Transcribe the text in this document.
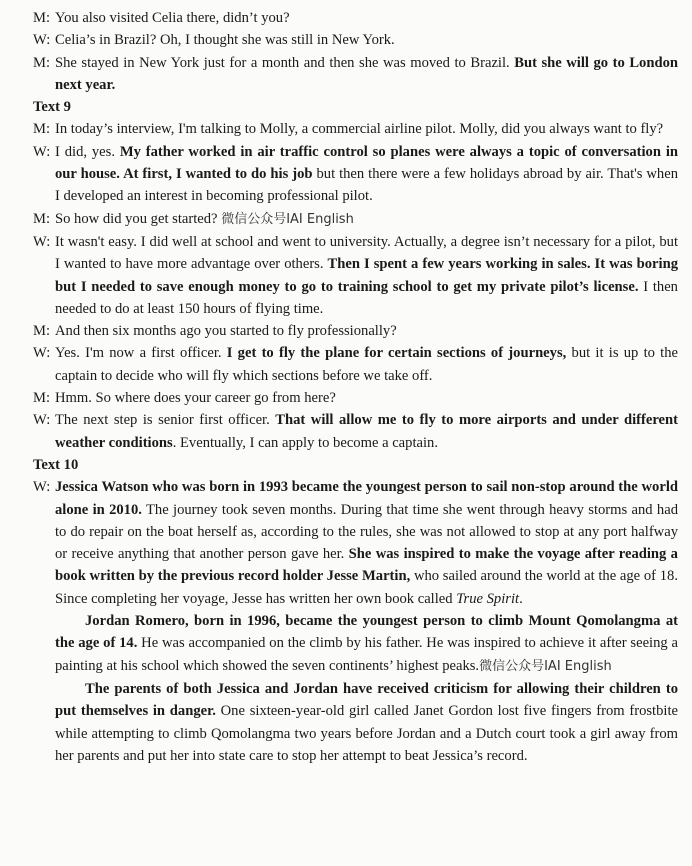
M: You also visited Celia there, didn’t you?
W: Celia’s in Brazil? Oh, I thought she was still in New York.
M: She stayed in New York just for a month and then she was moved to Brazil. But she will go to London next year.
Text 9
M: In today’s interview, I'm talking to Molly, a commercial airline pilot. Molly, did you always want to fly?
W: I did, yes. My father worked in air traffic control so planes were always a topic of conversation in our house. At first, I wanted to do his job but then there were a few holidays abroad by air. That's when I developed an interest in becoming professional pilot.
M: So how did you get started? 微信公众号IAI English
W: It wasn't easy. I did well at school and went to university. Actually, a degree isn’t necessary for a pilot, but I wanted to have more advantage over others. Then I spent a few years working in sales. It was boring but I needed to save enough money to go to training school to get my private pilot’s license. I then needed to do at least 150 hours of flying time.
M: And then six months ago you started to fly professionally?
W: Yes. I'm now a first officer. I get to fly the plane for certain sections of journeys, but it is up to the captain to decide who will fly which sections before we take off.
M: Hmm. So where does your career go from here?
W: The next step is senior first officer. That will allow me to fly to more airports and under different weather conditions. Eventually, I can apply to become a captain.
Text 10
W: Jessica Watson who was born in 1993 became the youngest person to sail non-stop around the world alone in 2010. The journey took seven months. During that time she went through heavy storms and had to do repair on the boat herself as, according to the rules, she was not allowed to stop at any port halfway or receive anything that another person gave her. She was inspired to make the voyage after reading a book written by the previous record holder Jesse Martin, who sailed around the world at the age of 18. Since completing her voyage, Jesse has written her own book called True Spirit.
Jordan Romero, born in 1996, became the youngest person to climb Mount Qomolangma at the age of 14. He was accompanied on the climb by his father. He was inspired to achieve it after seeing a painting at his school which showed the seven continents’ highest peaks.微信公众号IAI English
The parents of both Jessica and Jordan have received criticism for allowing their children to put themselves in danger. One sixteen-year-old girl called Janet Gordon lost five fingers from frostbite while attempting to climb Qomolangma two years before Jordan and a Dutch court took a girl away from her parents and put her into state care to stop her attempt to beat Jessica’s record.
